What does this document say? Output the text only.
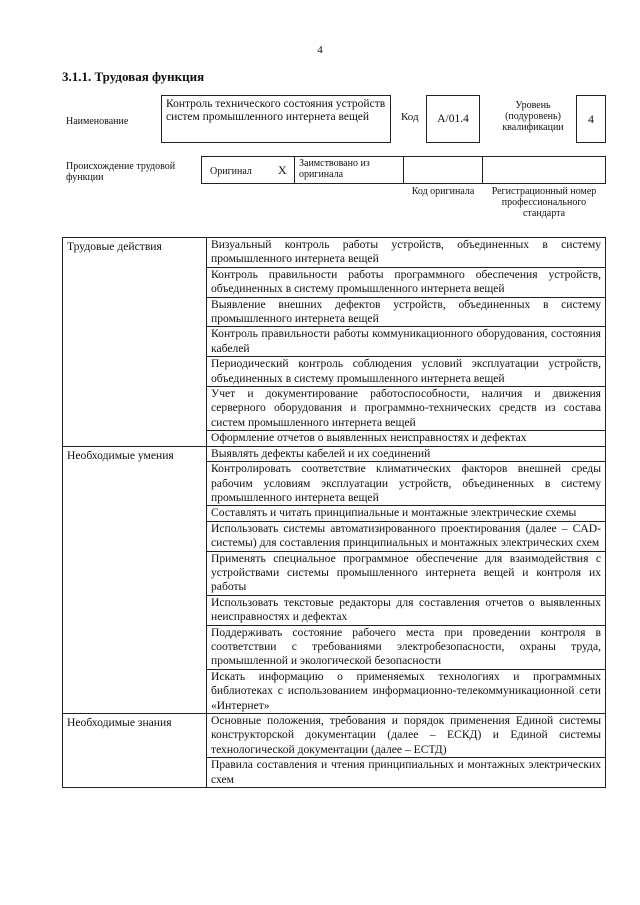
4
3.1.1. Трудовая функция
Наименование
Контроль технического состояния устройств систем промышленного интернета вещей	Код	A/01.4
Уровень (подуровень) квалификации
4
Происхождение трудовой функции
Оригинал X	Заимствовано из оригинала
Код оригинала	Регистрационный номер профессионального стандарта
Трудовые действия	Визуальный контроль работы устройств, объединенных в систему промышленного интернета вещей
	Контроль правильности работы программного обеспечения устройств, объединенных в систему промышленного интернета вещей
	Выявление внешних дефектов устройств, объединенных в систему промышленного интернета вещей
	Контроль правильности работы коммуникационного оборудования, состояния кабелей
	Периодический контроль соблюдения условий эксплуатации устройств, объединенных в систему промышленного интернета вещей
	Учет и документирование работоспособности, наличия и движения серверного оборудования и программно-технических средств из состава систем промышленного интернета вещей
	Оформление отчетов о выявленных неисправностях и дефектах
Необходимые умения	Выявлять дефекты кабелей и их соединений
	Контролировать соответствие климатических факторов внешней среды рабочим условиям эксплуатации устройств, объединенных в систему промышленного интернета вещей
	Составлять и читать принципиальные и монтажные электрические схемы
	Использовать системы автоматизированного проектирования (далее – CAD-системы) для составления принципиальных и монтажных электрических схем
	Применять специальное программное обеспечение для взаимодействия с устройствами системы промышленного интернета вещей и контроля их работы
	Использовать текстовые редакторы для составления отчетов о выявленных неисправностях и дефектах
	Поддерживать состояние рабочего места при проведении контроля в соответствии с требованиями электробезопасности, охраны труда, промышленной и экологической безопасности
	Искать информацию о применяемых технологиях и программных библиотеках с использованием информационно-телекоммуникационной сети «Интернет»
Необходимые знания	Основные положения, требования и порядок применения Единой системы конструкторской документации (далее – ЕСКД) и Единой системы технологической документации (далее – ЕСТД)
	Правила составления и чтения принципиальных и монтажных электрических схем
